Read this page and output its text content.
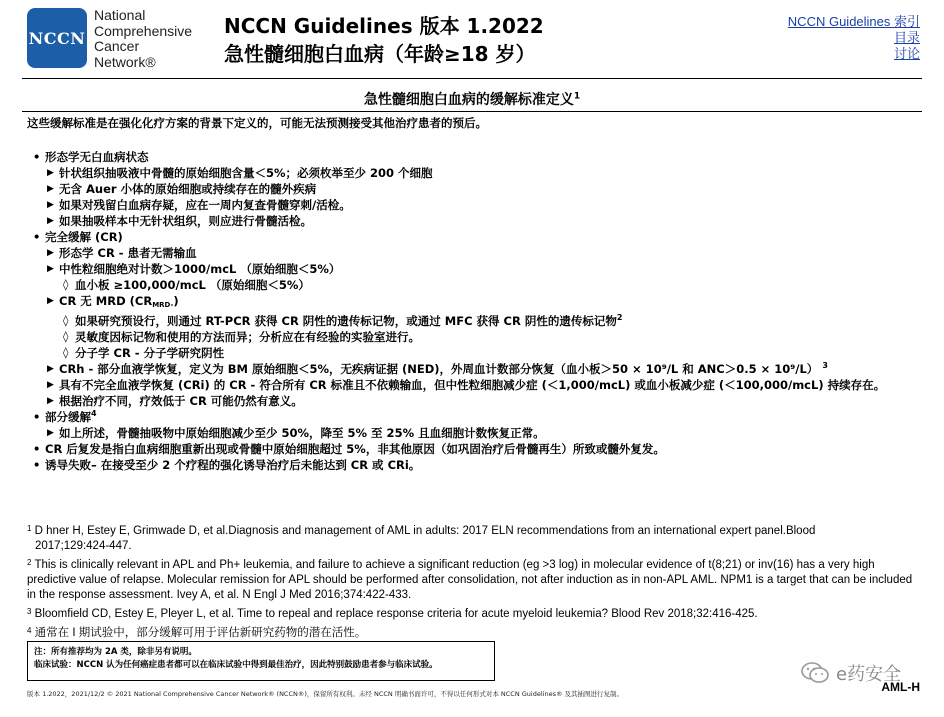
NCCN
National
Comprehensive
Cancer
Network®
NCCN Guidelines 版本 1.2022
急性髓细胞白血病（年龄≥18 岁）
NCCN Guidelines 索引
目录
讨论
急性髓细胞白血病的缓解标准定义$^1$
这些缓解标准是在强化化疗方案的背景下定义的，可能无法预测接受其他治疗患者的预后。
• 形态学无白血病状态
▶ 针状组织抽吸液中骨髓的原始细胞含量＜5%；必须枚举至少 200 个细胞
▶ 无含 Auer 小体的原始细胞或持续存在的髓外疾病
▶ 如果对残留白血病存疑，应在一周内复查骨髓穿刺/活检。
▶ 如果抽吸样本中无针状组织，则应进行骨髓活检。
• 完全缓解 (CR)
▶ 形态学 CR - 患者无需输血
▶ 中性粒细胞绝对计数＞1000/mcL （原始细胞＜5%）
◊ 血小板 ≥100,000/mcL （原始细胞＜5%）
▶ CR 无 MRD $(CR_{MRD-})$
◊ 如果研究预设行，则通过 RT-PCR 获得 CR 阴性的遗传标记物，或通过 MFC 获得 CR 阴性的遗传标记物$^2$
◊ 灵敏度因标记物和使用的方法而异；分析应在有经验的实验室进行。
◊ 分子学 CR - 分子学研究阴性
▶ CRh - 部分血液学恢复，定义为 BM 原始细胞＜5%，无疾病证据 (NED)，外周血计数部分恢复（血小板＞50 × 10⁹/L 和 ANC＞0.5 × 10⁹/L） $^3$
▶ 具有不完全血液学恢复 (CRi) 的 CR - 符合所有 CR 标准且不依赖输血，但中性粒细胞减少症 (＜1,000/mcL) 或血小板减少症 (＜100,000/mcL) 持续存在。
▶ 根据治疗不同，疗效低于 CR 可能仍然有意义。
• 部分缓解$^4$
▶ 如上所述，骨髓抽吸物中原始细胞减少至少 50%，降至 5% 至 25% 且血细胞计数恢复正常。
• CR 后复发是指白血病细胞重新出现或骨髓中原始细胞超过 5%，非其他原因（如巩固治疗后骨髓再生）所致或髓外复发。
• 诱导失败– 在接受至少 2 个疗程的强化诱导治疗后未能达到 CR 或 CRi。
$^1$ D hner H, Estey E, Grimwade D, et al.Diagnosis and management of AML in adults: 2017 ELN recommendations from an international expert panel.Blood
2017;129:424-447.
$^2$ This is clinically relevant in APL and Ph+ leukemia, and failure to achieve a significant reduction (eg >3 log) in molecular evidence of t(8;21) or inv(16) has a very high predictive value of relapse. Molecular remission for APL should be performed after consolidation, not after induction as in non-APL AML. NPM1 is a target that can be included in the response assessment. Ivey A, et al. N Engl J Med 2016;374:422-433.
$^3$ Bloomfield CD, Estey E, Pleyer L, et al. Time to repeal and replace response criteria for acute myeloid leukemia? Blood Rev 2018;32:416-425.
$^4$ 通常在 I 期试验中，部分缓解可用于评估新研究药物的潜在活性。
注：所有推荐均为 2A 类，除非另有说明。
临床试验：NCCN 认为任何癌症患者都可以在临床试验中得到最佳治疗，因此特别鼓励患者参与临床试验。
版本 1.2022，2021/12/2 © 2021 National Comprehensive Cancer Network® (NCCN®)，保留所有权利。未经 NCCN 明确书面许可，不得以任何形式对本 NCCN Guidelines® 及其插图进行复制。
e药安全
AML-H
